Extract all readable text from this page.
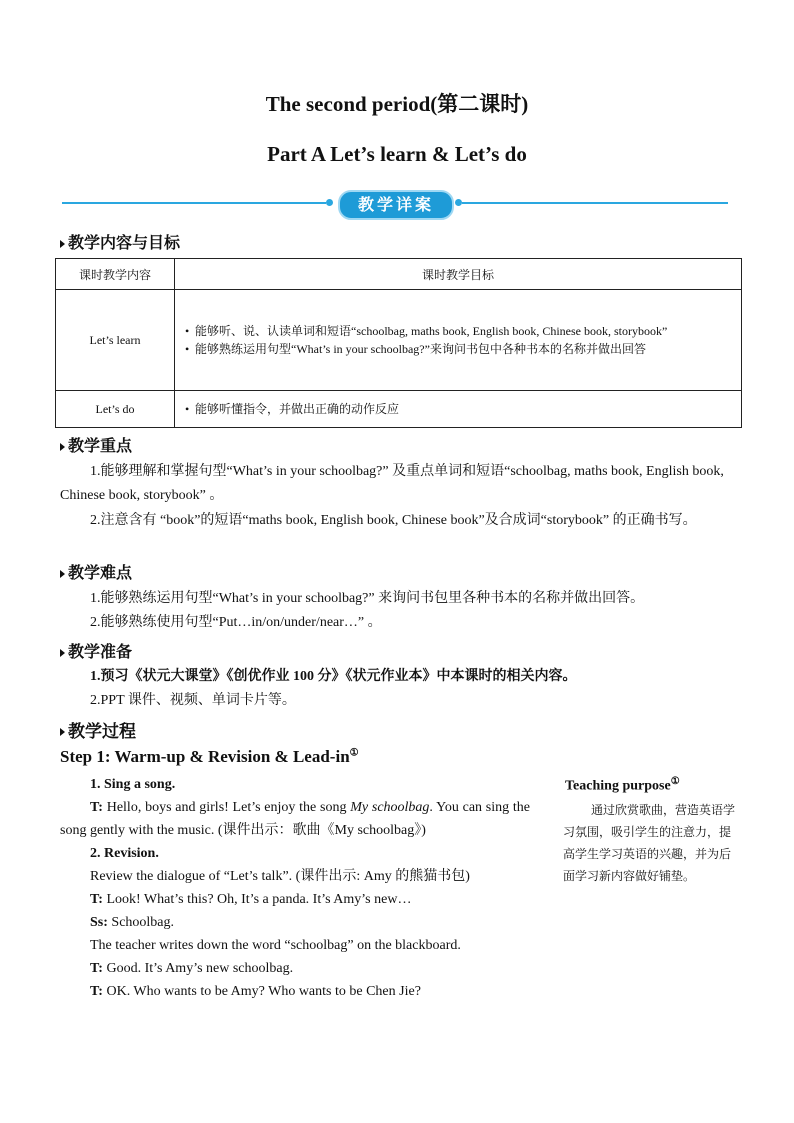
The second period(第二课时)
Part A Let’s learn & Let’s do
教学详案
教学内容与目标
课时教学内容	课时教学目标
Let’s learn	• 能够听、说、认读单词和短语“schoolbag, maths book, English book, Chinese book, storybook”
• 能够熟练运用句型“What’s in your schoolbag?”来询问书包中各种书本的名称并做出回答

Let’s do	• 能够听懂指令，并做出正确的动作反应
教学重点
1.能够理解和掌握句型“What’s in your schoolbag?” 及重点单词和短语“schoolbag, maths book, English book, Chinese book, storybook” 。
2.注意含有 “book”的短语“maths book, English book, Chinese book”及合成词“storybook” 的正确书写。
教学难点
1.能够熟练运用句型“What’s in your schoolbag?” 来询问书包里各种书本的名称并做出回答。
2.能够熟练使用句型“Put…in/on/under/near…” 。
教学准备
1.预习《状元大课堂》《创优作业 100 分》《状元作业本》中本课时的相关内容。
2.PPT 课件、视频、单词卡片等。
教学过程
Step 1: Warm-up & Revision & Lead-in①
1. Sing a song.
T: Hello, boys and girls! Let’s enjoy the song My schoolbag. You can sing the song gently with the music. (课件出示：歌曲《My schoolbag》)
2. Revision.
Review the dialogue of “Let’s talk”. (课件出示: Amy 的熊猫书包)
T: Look! What’s this? Oh, It’s a panda. It’s Amy’s new…
Ss: Schoolbag.
The teacher writes down the word “schoolbag” on the blackboard.
T: Good. It’s Amy’s new schoolbag.
T: OK. Who wants to be Amy? Who wants to be Chen Jie?
Teaching purpose①
通过欣赏歌曲，营造英语学习氛围，吸引学生的注意力，提高学生学习英语的兴趣，并为后面学习新内容做好铺垫。
